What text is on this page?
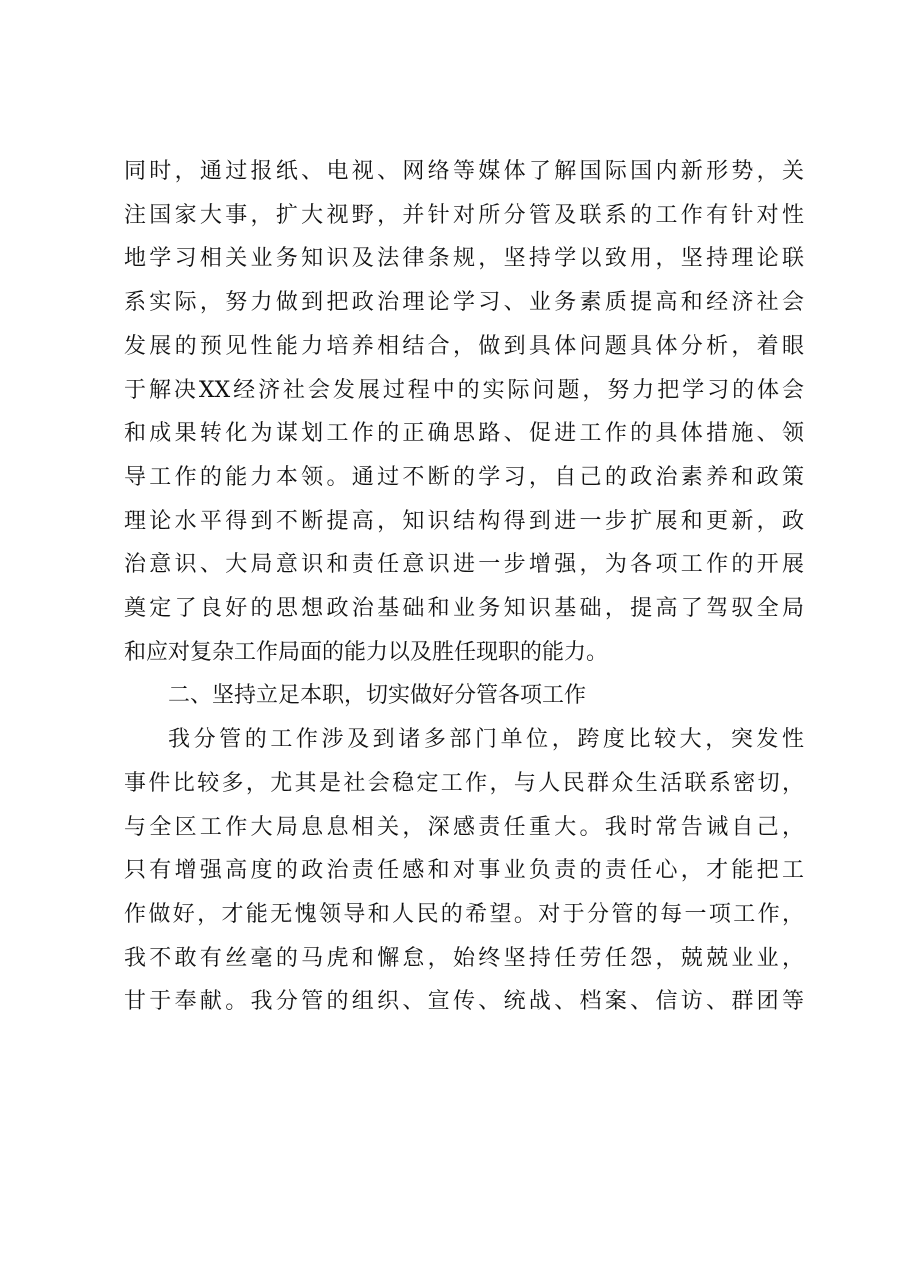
同时，通过报纸、电视、网络等媒体了解国际国内新形势，关
注国家大事，扩大视野，并针对所分管及联系的工作有针对性
地学习相关业务知识及法律条规，坚持学以致用，坚持理论联
系实际，努力做到把政治理论学习、业务素质提高和经济社会
发展的预见性能力培养相结合，做到具体问题具体分析，着眼
于解决XX经济社会发展过程中的实际问题，努力把学习的体会
和成果转化为谋划工作的正确思路、促进工作的具体措施、领
导工作的能力本领。通过不断的学习，自己的政治素养和政策
理论水平得到不断提高，知识结构得到进一步扩展和更新，政
治意识、大局意识和责任意识进一步增强，为各项工作的开展
奠定了良好的思想政治基础和业务知识基础，提高了驾驭全局
和应对复杂工作局面的能力以及胜任现职的能力。
二、坚持立足本职，切实做好分管各项工作
我分管的工作涉及到诸多部门单位，跨度比较大，突发性
事件比较多，尤其是社会稳定工作，与人民群众生活联系密切，
与全区工作大局息息相关，深感责任重大。我时常告诫自己，
只有增强高度的政治责任感和对事业负责的责任心，才能把工
作做好，才能无愧领导和人民的希望。对于分管的每一项工作，
我不敢有丝毫的马虎和懈怠，始终坚持任劳任怨，兢兢业业，
甘于奉献。我分管的组织、宣传、统战、档案、信访、群团等
